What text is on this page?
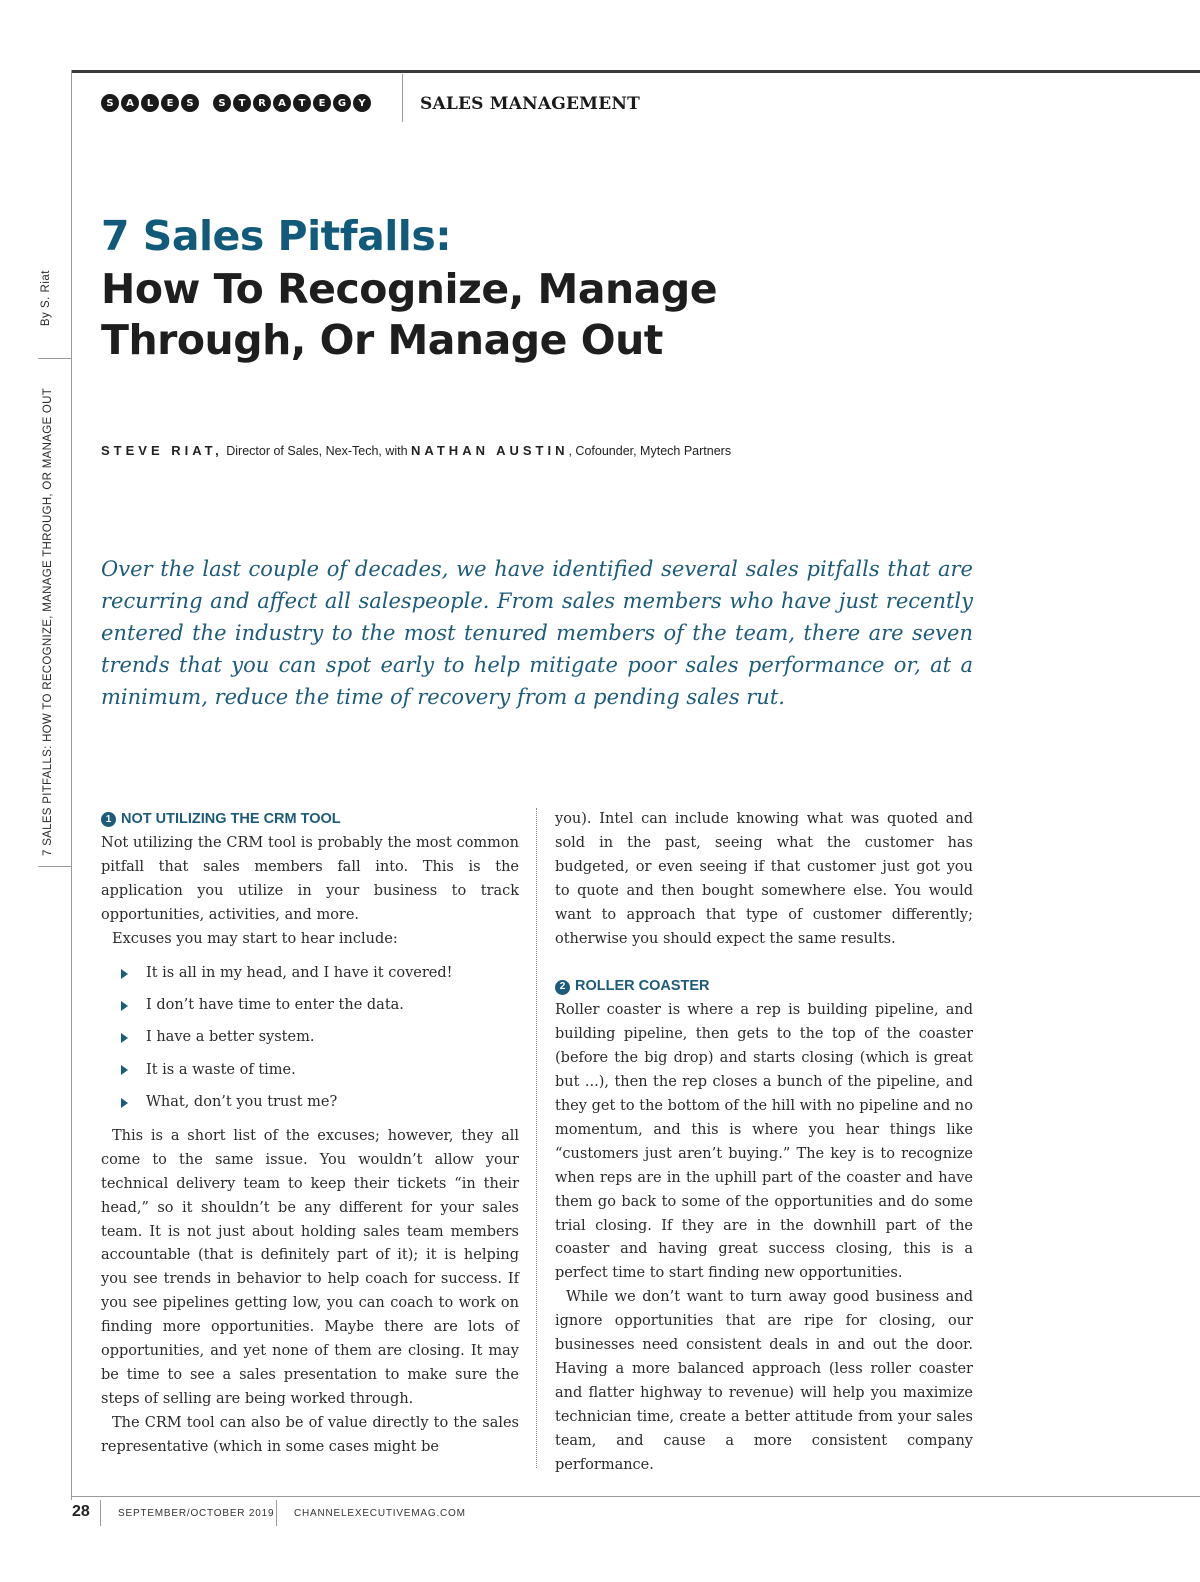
S	A	L	E	S	S	T	R	A	T	E	G	Y	SALES MANAGEMENT
By S. Riat
7 SALES PITFALLS: HOW TO RECOGNIZE, MANAGE THROUGH, OR MANAGE OUT
7 Sales Pitfalls:
How To Recognize, Manage Through, Or Manage Out
STEVE RIAT, Director of Sales, Nex-Tech, with NATHAN AUSTIN, Cofounder, Mytech Partners
Over the last couple of decades, we have identified several sales pitfalls that are recurring and affect all salespeople. From sales members who have just recently entered the industry to the most tenured members of the team, there are seven trends that you can spot early to help mitigate poor sales performance or, at a minimum, reduce the time of recovery from a pending sales rut.
1 NOT UTILIZING THE CRM TOOL

Not utilizing the CRM tool is probably the most common pitfall that sales members fall into. This is the application you utilize in your business to track opportunities, activities, and more.

Excuses you may start to hear include:

It is all in my head, and I have it covered!
I don’t have time to enter the data.
I have a better system.
It is a waste of time.
What, don’t you trust me?

This is a short list of the excuses; however, they all come to the same issue. You wouldn’t allow your technical delivery team to keep their tickets “in their head,” so it shouldn’t be any different for your sales team. It is not just about holding sales team members accountable (that is definitely part of it); it is helping you see trends in behavior to help coach for success. If you see pipelines getting low, you can coach to work on finding more opportunities. Maybe there are lots of opportunities, and yet none of them are closing. It may be time to see a sales presentation to make sure the steps of selling are being worked through.

The CRM tool can also be of value directly to the sales representative (which in some cases might be

you). Intel can include knowing what was quoted and sold in the past, seeing what the customer has budgeted, or even seeing if that customer just got you to quote and then bought somewhere else. You would want to approach that type of customer differently; otherwise you should expect the same results.

2 ROLLER COASTER

Roller coaster is where a rep is building pipeline, and building pipeline, then gets to the top of the coaster (before the big drop) and starts closing (which is great but ...), then the rep closes a bunch of the pipeline, and they get to the bottom of the hill with no pipeline and no momentum, and this is where you hear things like “customers just aren’t buying.” The key is to recognize when reps are in the uphill part of the coaster and have them go back to some of the opportunities and do some trial closing. If they are in the downhill part of the coaster and having great success closing, this is a perfect time to start finding new opportunities.

While we don’t want to turn away good business and ignore opportunities that are ripe for closing, our businesses need consistent deals in and out the door. Having a more balanced approach (less roller coaster and flatter highway to revenue) will help you maximize technician time, create a better attitude from your sales team, and cause a more consistent company performance.

28	SEPTEMBER/OCTOBER 2019 CHANNELEXECUTIVEMAG.COM
